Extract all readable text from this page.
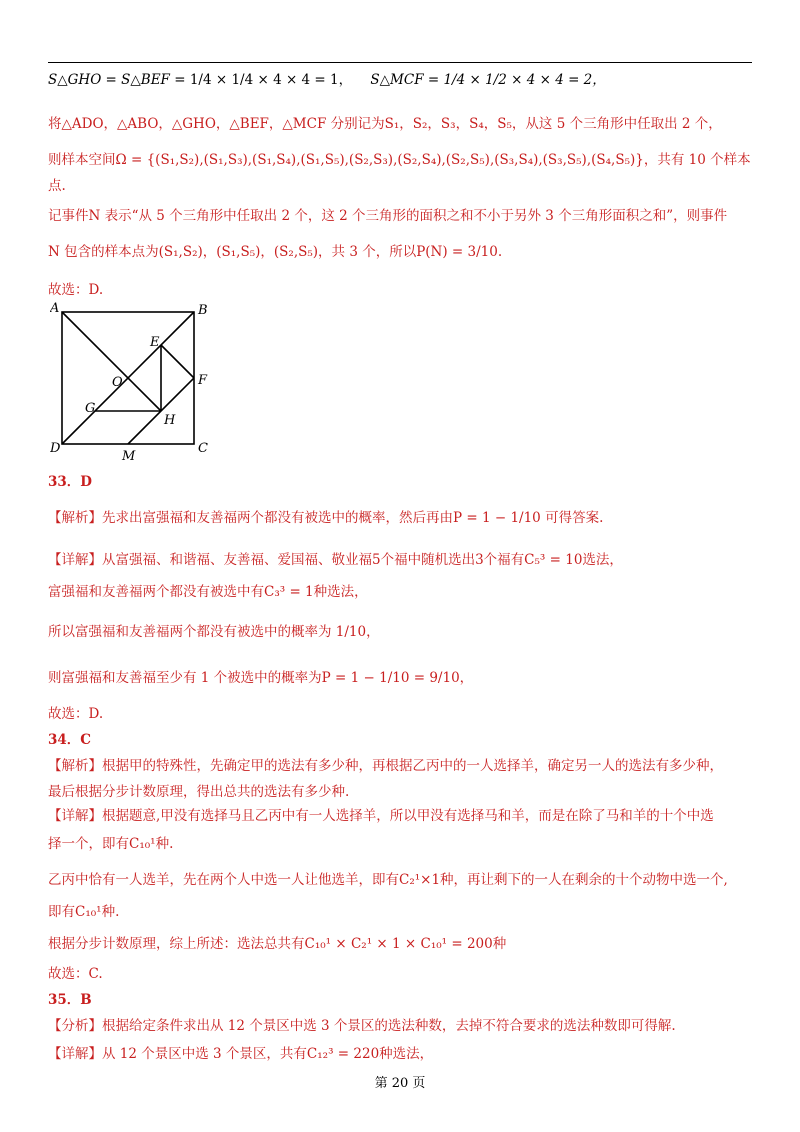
S△GHO = S△BEF = 1/4 × 1/4 × 4 × 4 = 1， S△MCF = 1/4 × 1/2 × 4 × 4 = 2，
将△ADO，△ABO，△GHO，△BEF，△MCF 分别记为S₁，S₂，S₃，S₄，S₅，从这 5 个三角形中任取出 2 个，
则样本空间Ω = {(S₁,S₂),(S₁,S₃),(S₁,S₄),(S₁,S₅),(S₂,S₃),(S₂,S₄),(S₂,S₅),(S₃,S₄),(S₃,S₅),(S₄,S₅)}，共有 10 个样本
点.
记事件N 表示“从 5 个三角形中任取出 2 个，这 2 个三角形的面积之和不小于另外 3 个三角形面积之和”，则事件
N 包含的样本点为(S₁,S₂)，(S₁,S₅)，(S₂,S₅)，共 3 个，所以P(N) = 3/10.
故选：D.
A	B
C
D
E
F
G
H
O
M
33．D
【解析】先求出富强福和友善福两个都没有被选中的概率，然后再由P = 1 − 1/10 可得答案.
【详解】从富强福、和谐福、友善福、爱国福、敬业福5个福中随机选出3个福有C₅³ = 10选法，
富强福和友善福两个都没有被选中有C₃³ = 1种选法，
所以富强福和友善福两个都没有被选中的概率为 1/10，
则富强福和友善福至少有 1 个被选中的概率为P = 1 − 1/10 = 9/10，
故选：D.
34．C
【解析】根据甲的特殊性，先确定甲的选法有多少种，再根据乙丙中的一人选择羊，确定另一人的选法有多少种，
最后根据分步计数原理，得出总共的选法有多少种.
【详解】根据题意,甲没有选择马且乙丙中有一人选择羊，所以甲没有选择马和羊，而是在除了马和羊的十个中选
择一个，即有C₁₀¹种.
乙丙中恰有一人选羊，先在两个人中选一人让他选羊，即有C₂¹×1种，再让剩下的一人在剩余的十个动物中选一个,
即有C₁₀¹种.
根据分步计数原理，综上所述：选法总共有C₁₀¹ × C₂¹ × 1 × C₁₀¹ = 200种
故选：C.
35．B
【分析】根据给定条件求出从 12 个景区中选 3 个景区的选法种数，去掉不符合要求的选法种数即可得解.
【详解】从 12 个景区中选 3 个景区，共有C₁₂³ = 220种选法，
第 20 页
